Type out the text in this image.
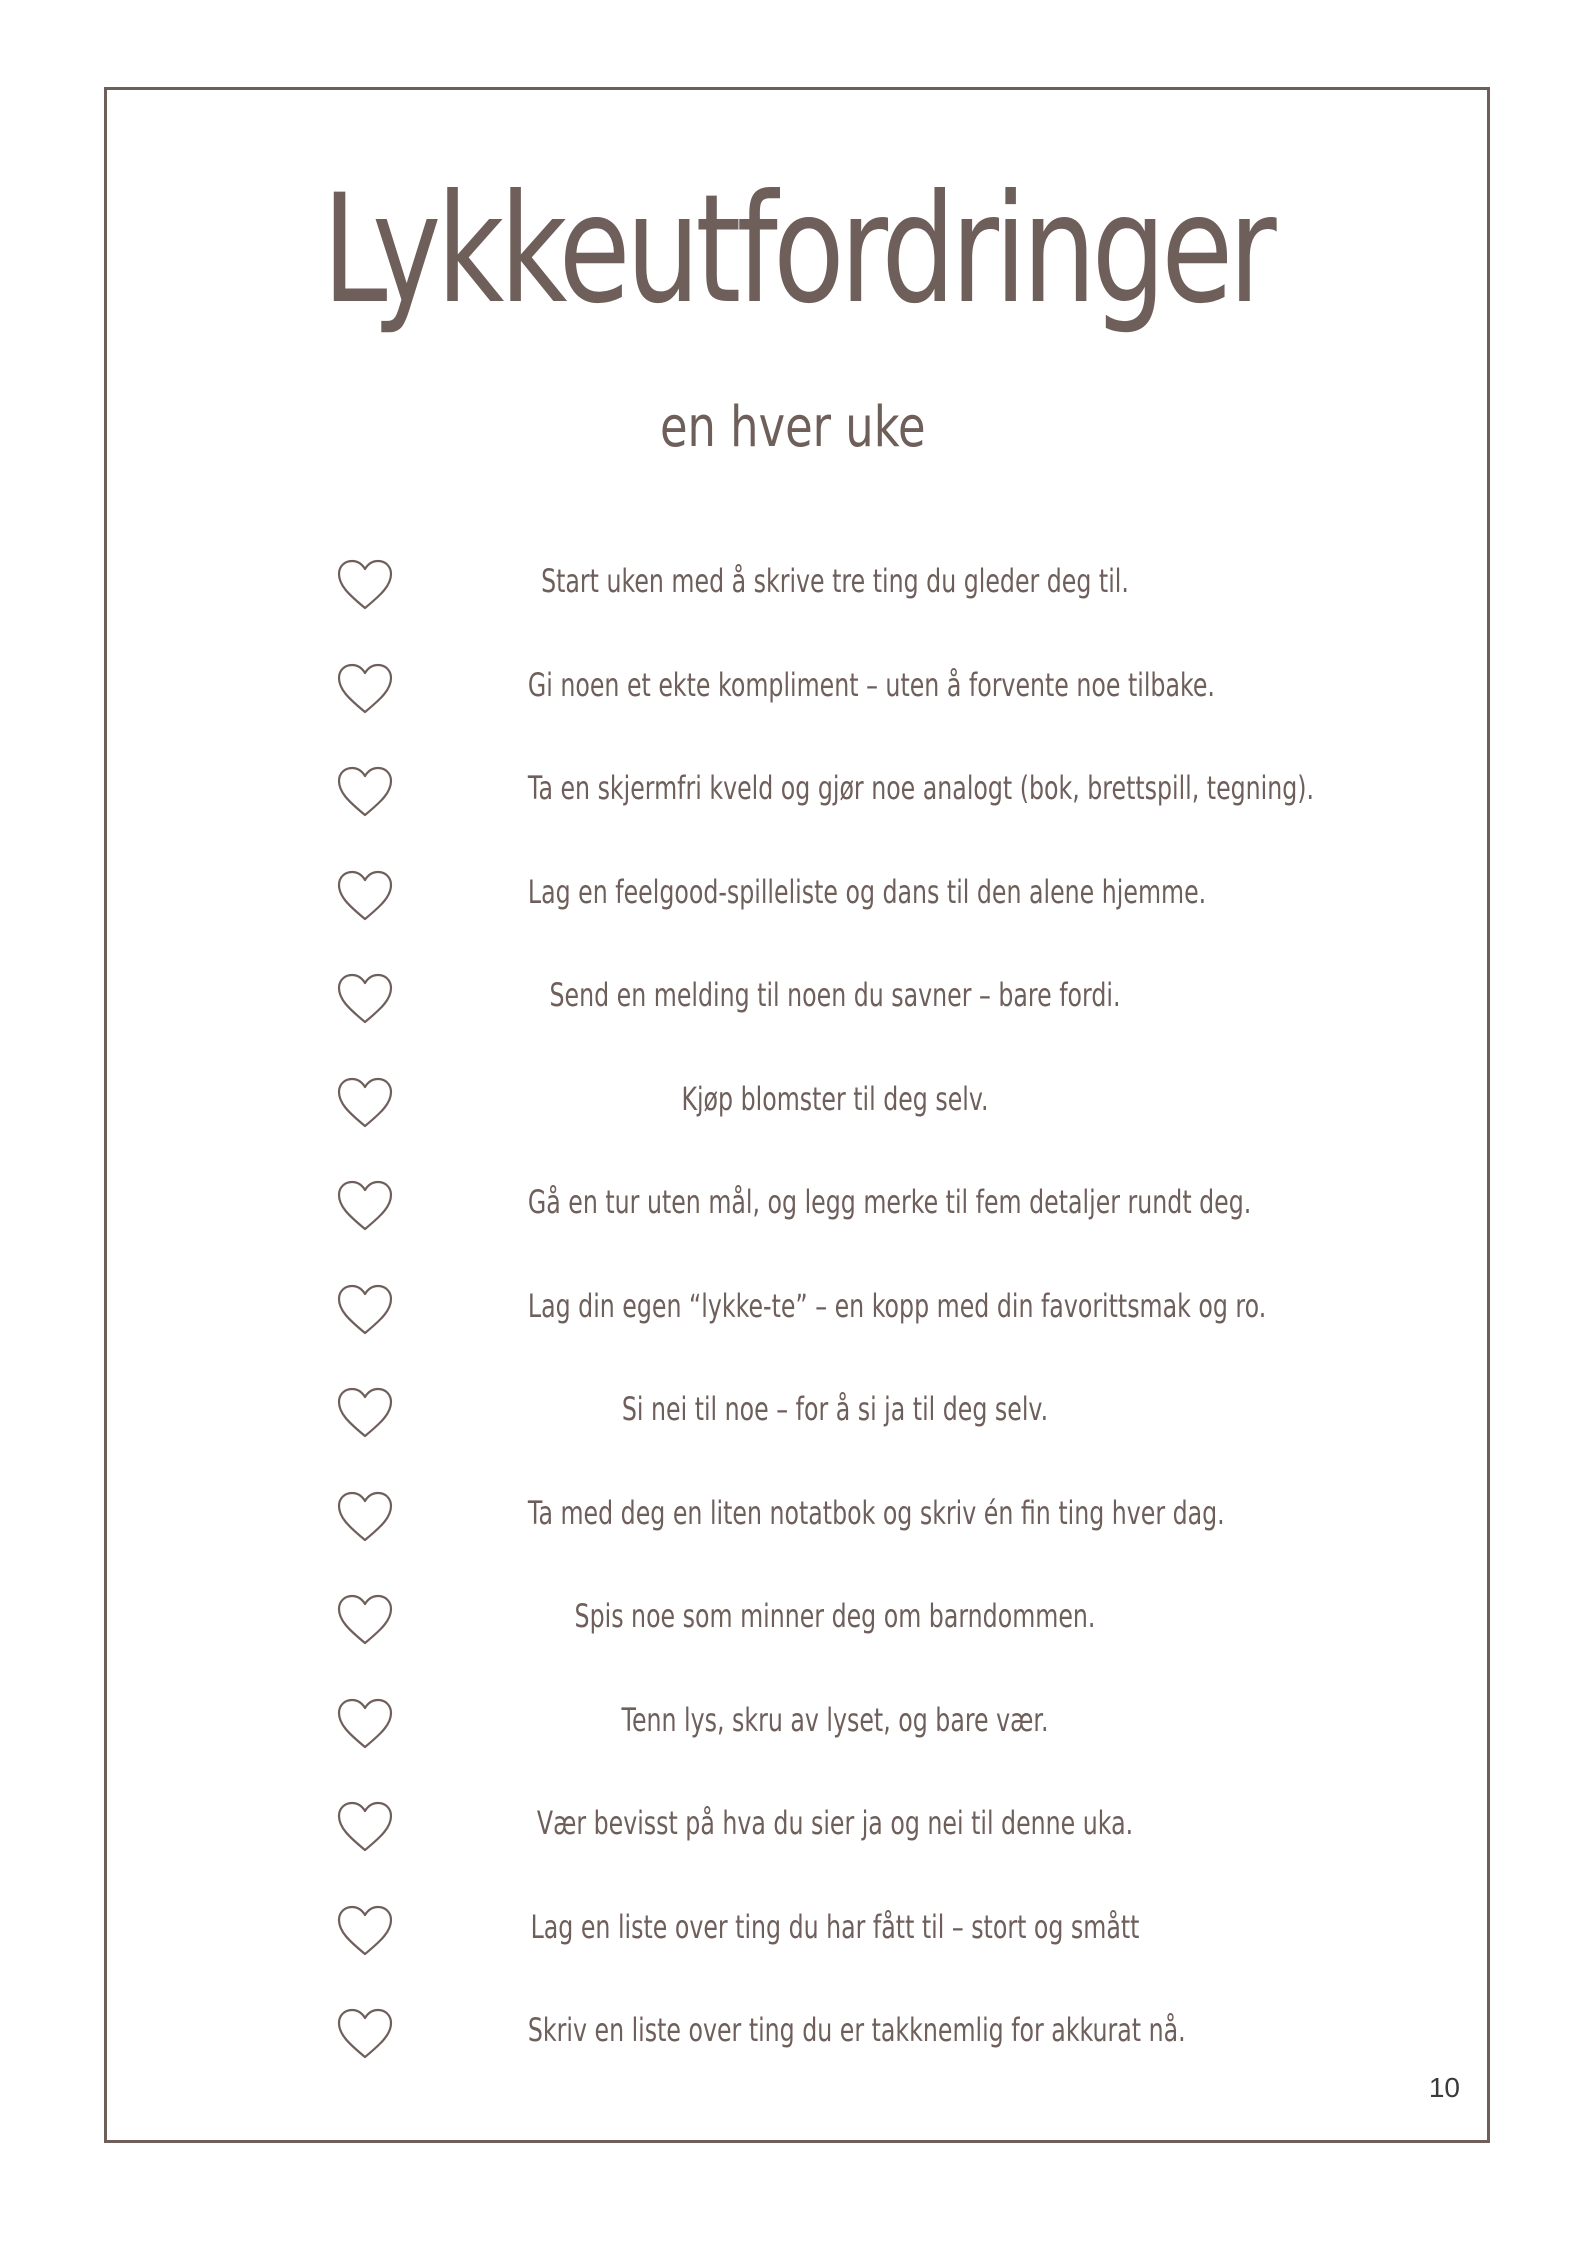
Lykkeutfordringer
en hver uke
Start uken med å skrive tre ting du gleder deg til.
Gi noen et ekte kompliment – uten å forvente noe tilbake.
Ta en skjermfri kveld og gjør noe analogt (bok, brettspill, tegning).
Lag en feelgood-spilleliste og dans til den alene hjemme.
Send en melding til noen du savner – bare fordi.
Kjøp blomster til deg selv.
Gå en tur uten mål, og legg merke til fem detaljer rundt deg.
Lag din egen “lykke-te” – en kopp med din favorittsmak og ro.
Si nei til noe – for å si ja til deg selv.
Ta med deg en liten notatbok og skriv én fin ting hver dag.
Spis noe som minner deg om barndommen.
Tenn lys, skru av lyset, og bare vær.
Vær bevisst på hva du sier ja og nei til denne uka.
Lag en liste over ting du har fått til – stort og smått
Skriv en liste over ting du er takknemlig for akkurat nå.
10
